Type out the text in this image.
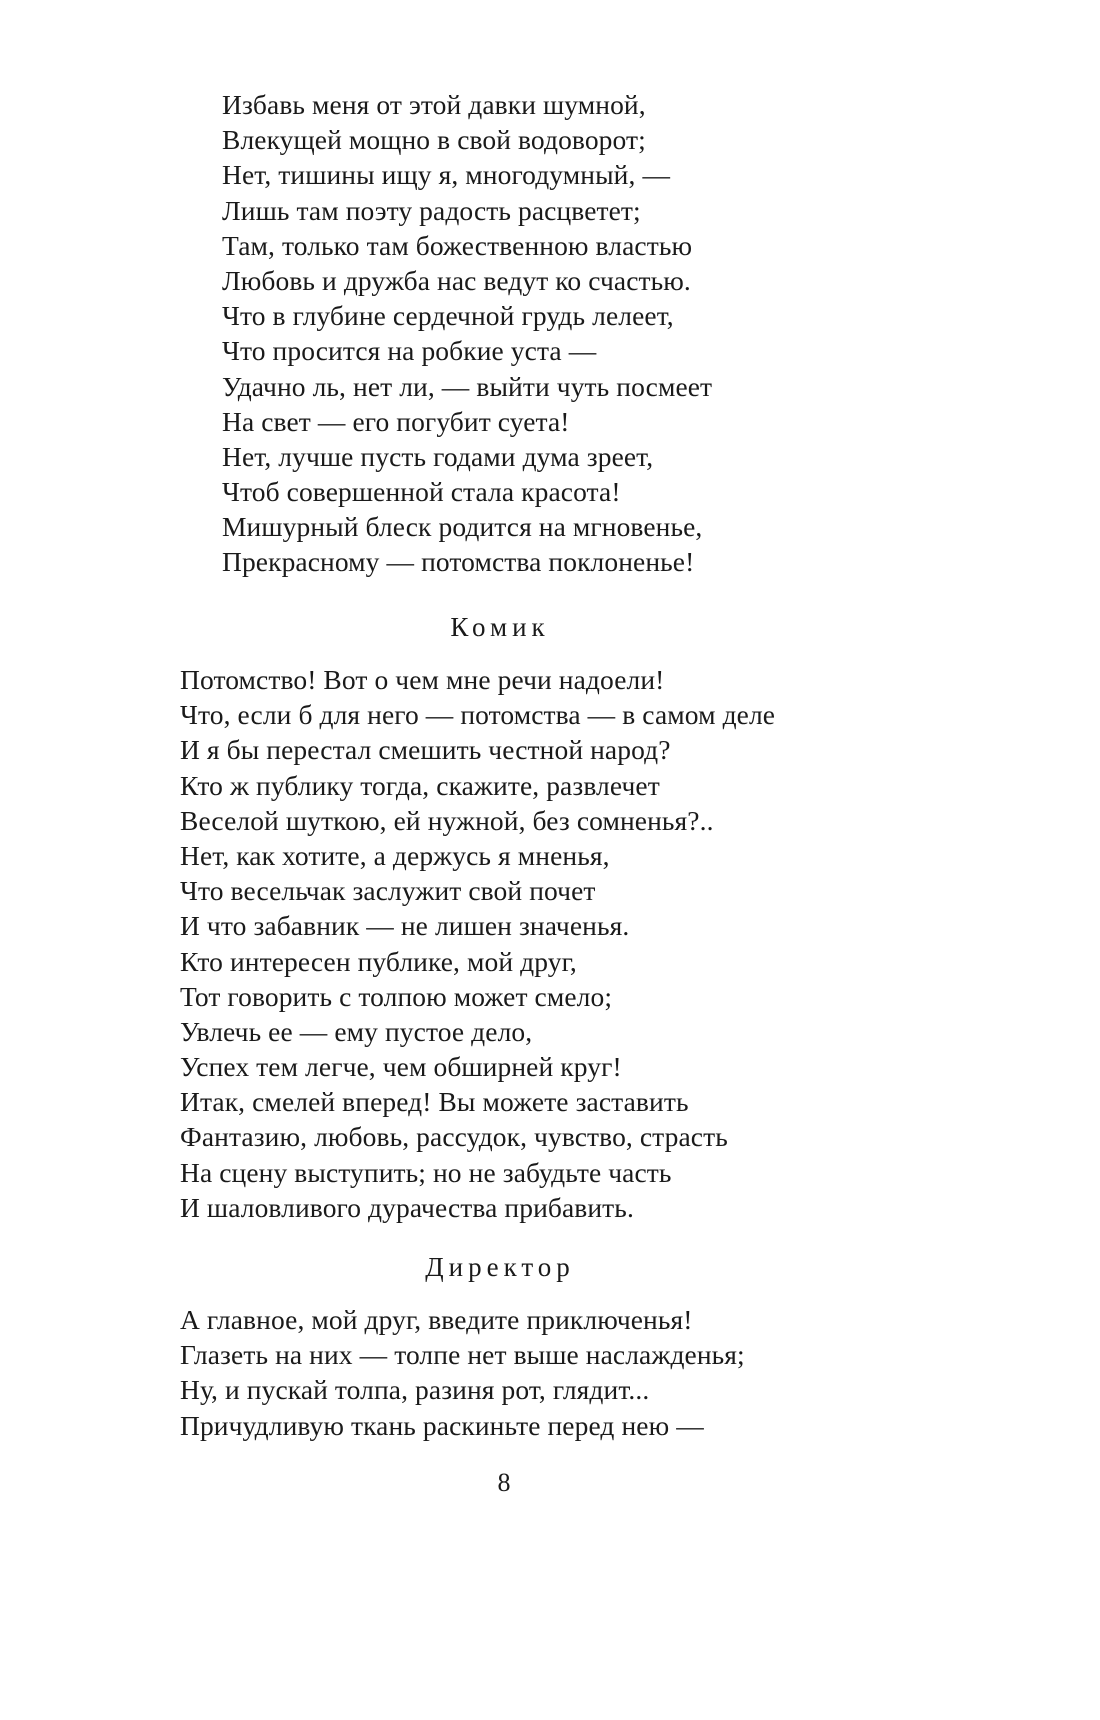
Избавь меня от этой давки шумной,
Влекущей мощно в свой водоворот;
Нет, тишины ищу я, многодумный, —
Лишь там поэту радость расцветет;
Там, только там божественною властью
Любовь и дружба нас ведут ко счастью.
Что в глубине сердечной грудь лелеет,
Что просится на робкие уста —
Удачно ль, нет ли, — выйти чуть посмеет
На свет — его погубит суета!
Нет, лучше пусть годами дума зреет,
Чтоб совершенной стала красота!
Мишурный блеск родится на мгновенье,
Прекрасному — потомства поклоненье!
Комик
Потомство! Вот о чем мне речи надоели!
Что, если б для него — потомства — в самом деле
И я бы перестал смешить честной народ?
Кто ж публику тогда, скажите, развлечет
Веселой шуткою, ей нужной, без сомненья?..
Нет, как хотите, а держусь я мненья,
Что весельчак заслужит свой почет
И что забавник — не лишен значенья.
Кто интересен публике, мой друг,
Тот говорить с толпою может смело;
Увлечь ее — ему пустое дело,
Успех тем легче, чем обширней круг!
Итак, смелей вперед! Вы можете заставить
Фантазию, любовь, рассудок, чувство, страсть
На сцену выступить; но не забудьте часть
И шаловливого дурачества прибавить.
Директор
А главное, мой друг, введите приключенья!
Глазеть на них — толпе нет выше наслажденья;
Ну, и пускай толпа, разиня рот, глядит...
Причудливую ткань раскиньте перед нею —
8
